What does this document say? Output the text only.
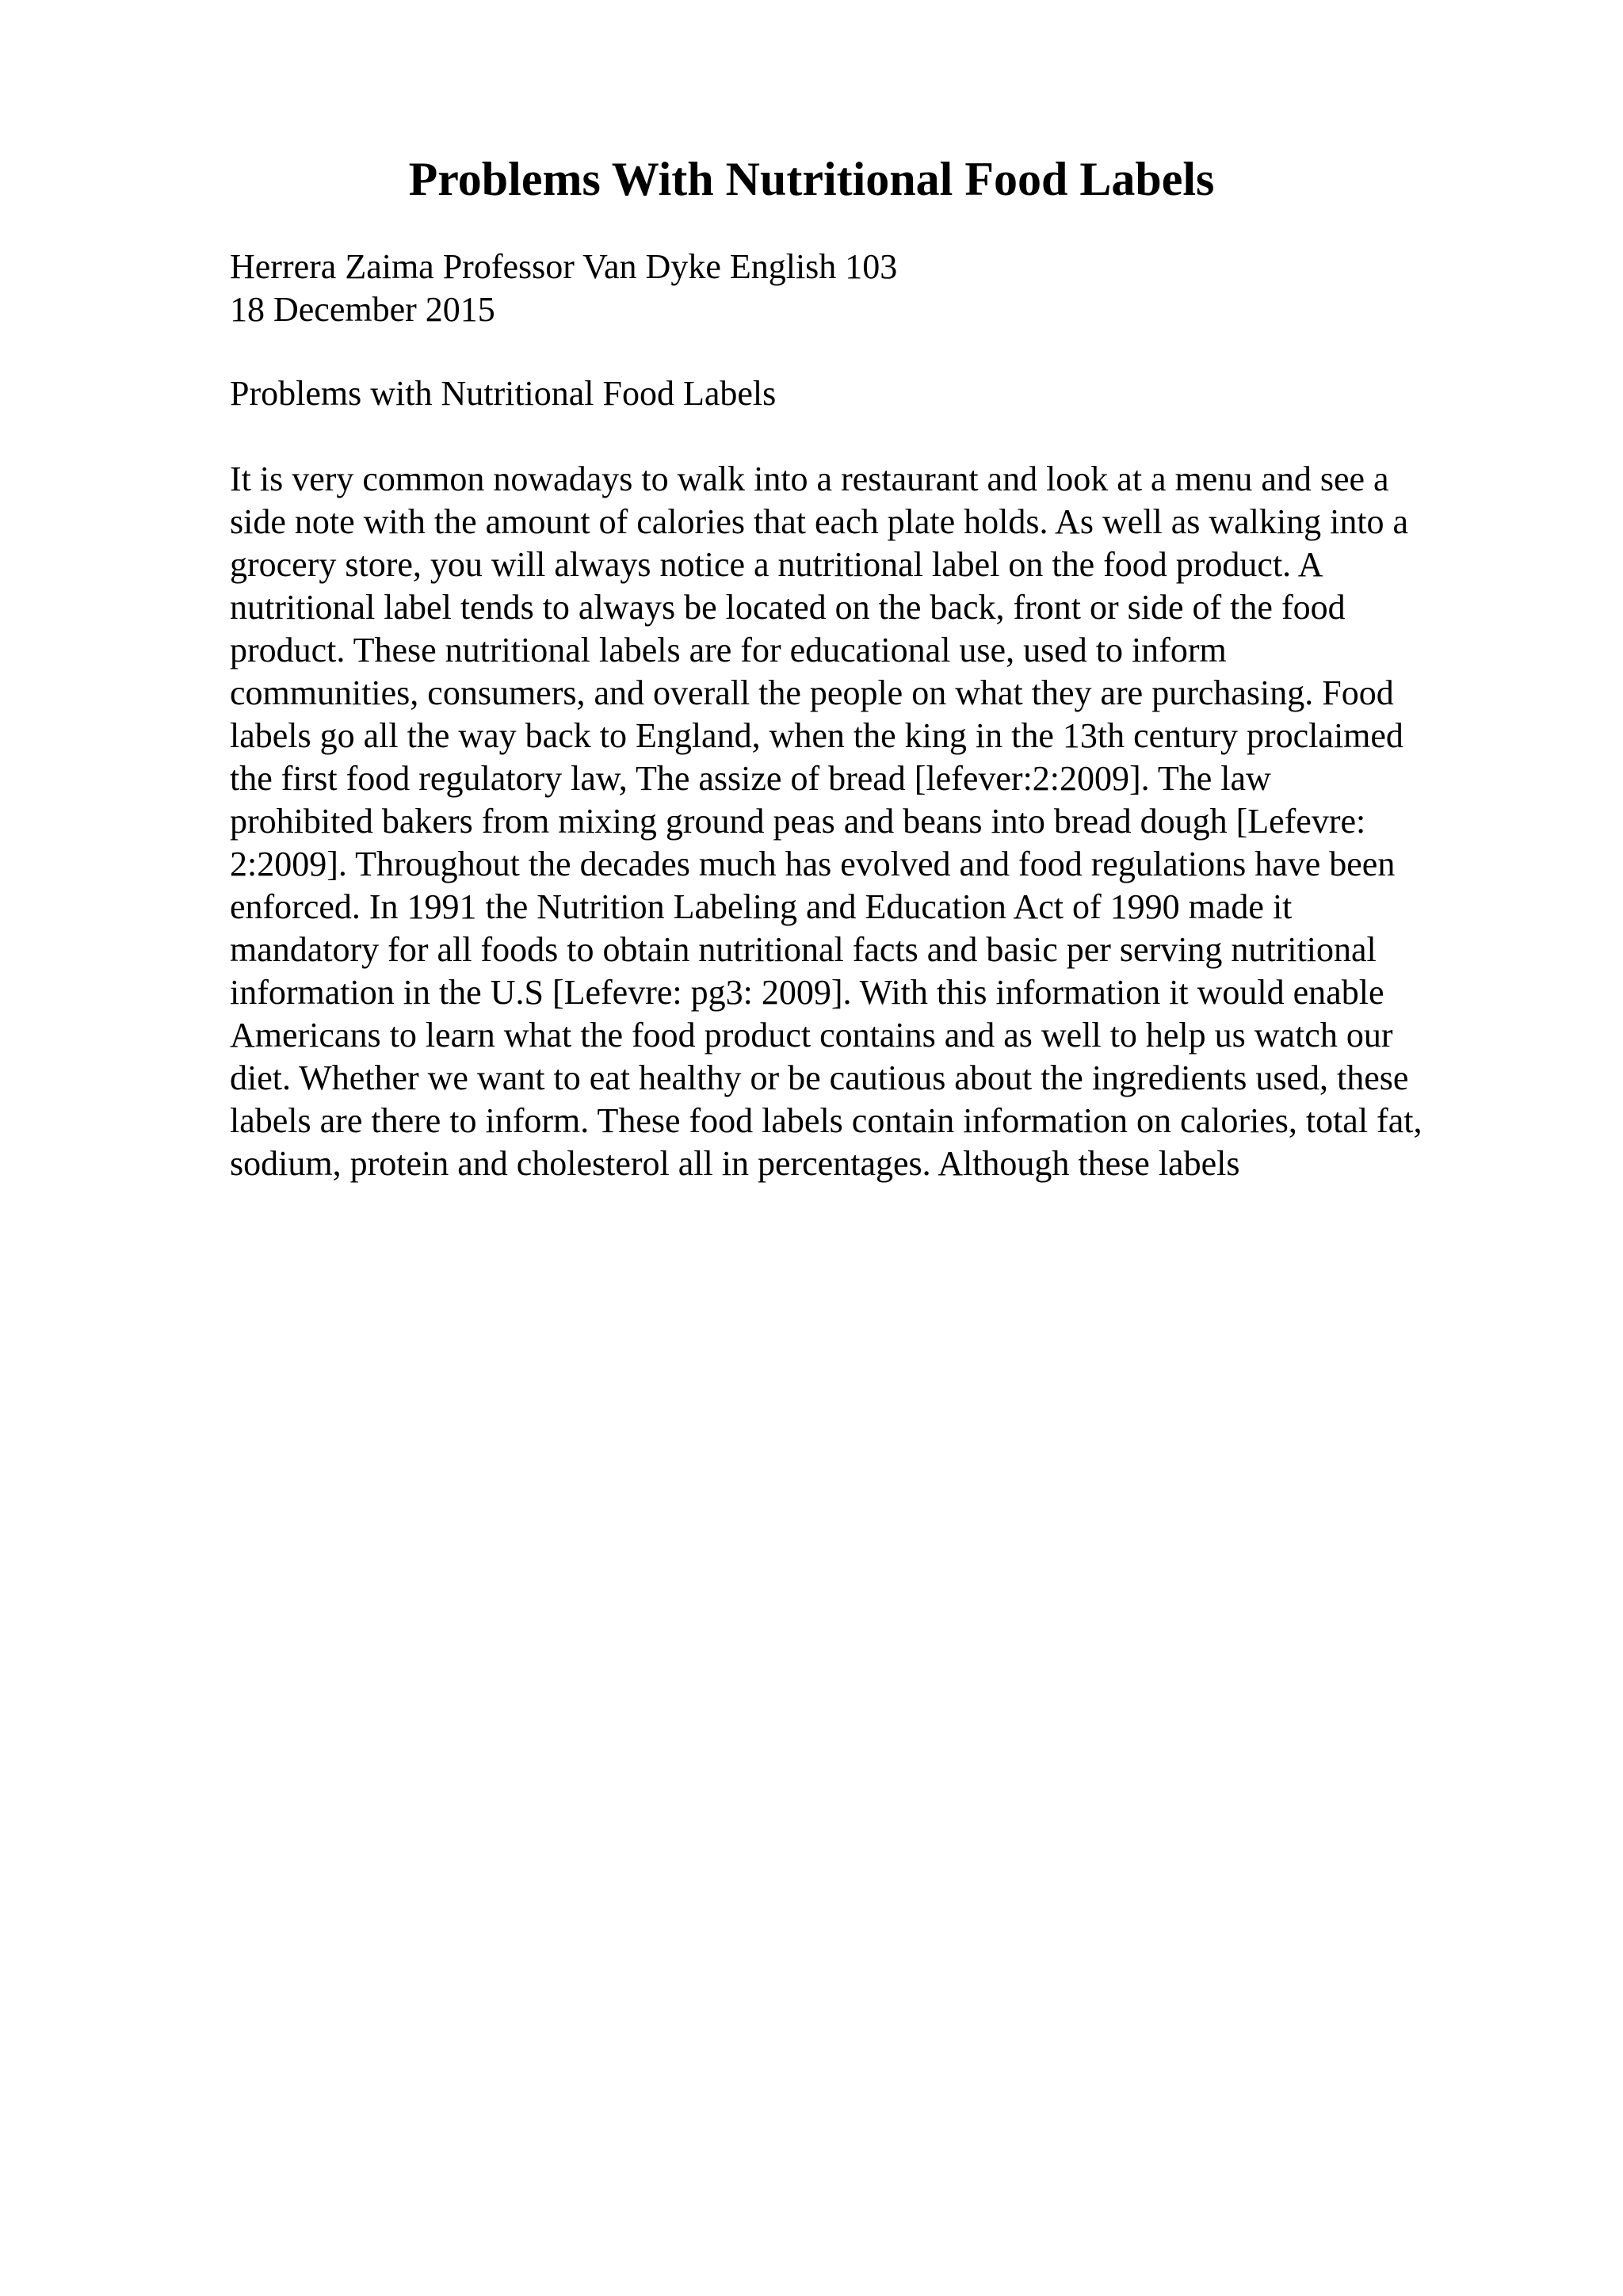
Problems With Nutritional Food Labels
Herrera Zaima Professor Van Dyke English 103
18 December 2015

Problems with Nutritional Food Labels

It is very common nowadays to walk into a restaurant and look at a menu and see a
side note with the amount of calories that each plate holds. As well as walking into a
grocery store, you will always notice a nutritional label on the food product. A
nutritional label tends to always be located on the back, front or side of the food
product. These nutritional labels are for educational use, used to inform
communities, consumers, and overall the people on what they are purchasing. Food
labels go all the way back to England, when the king in the 13th century proclaimed
the first food regulatory law, The assize of bread [lefever:2:2009]. The law
prohibited bakers from mixing ground peas and beans into bread dough [Lefevre:
2:2009]. Throughout the decades much has evolved and food regulations have been
enforced. In 1991 the Nutrition Labeling and Education Act of 1990 made it
mandatory for all foods to obtain nutritional facts and basic per serving nutritional
information in the U.S [Lefevre: pg3: 2009]. With this information it would enable
Americans to learn what the food product contains and as well to help us watch our
diet. Whether we want to eat healthy or be cautious about the ingredients used, these
labels are there to inform. These food labels contain information on calories, total fat,
sodium, protein and cholesterol all in percentages. Although these labels
